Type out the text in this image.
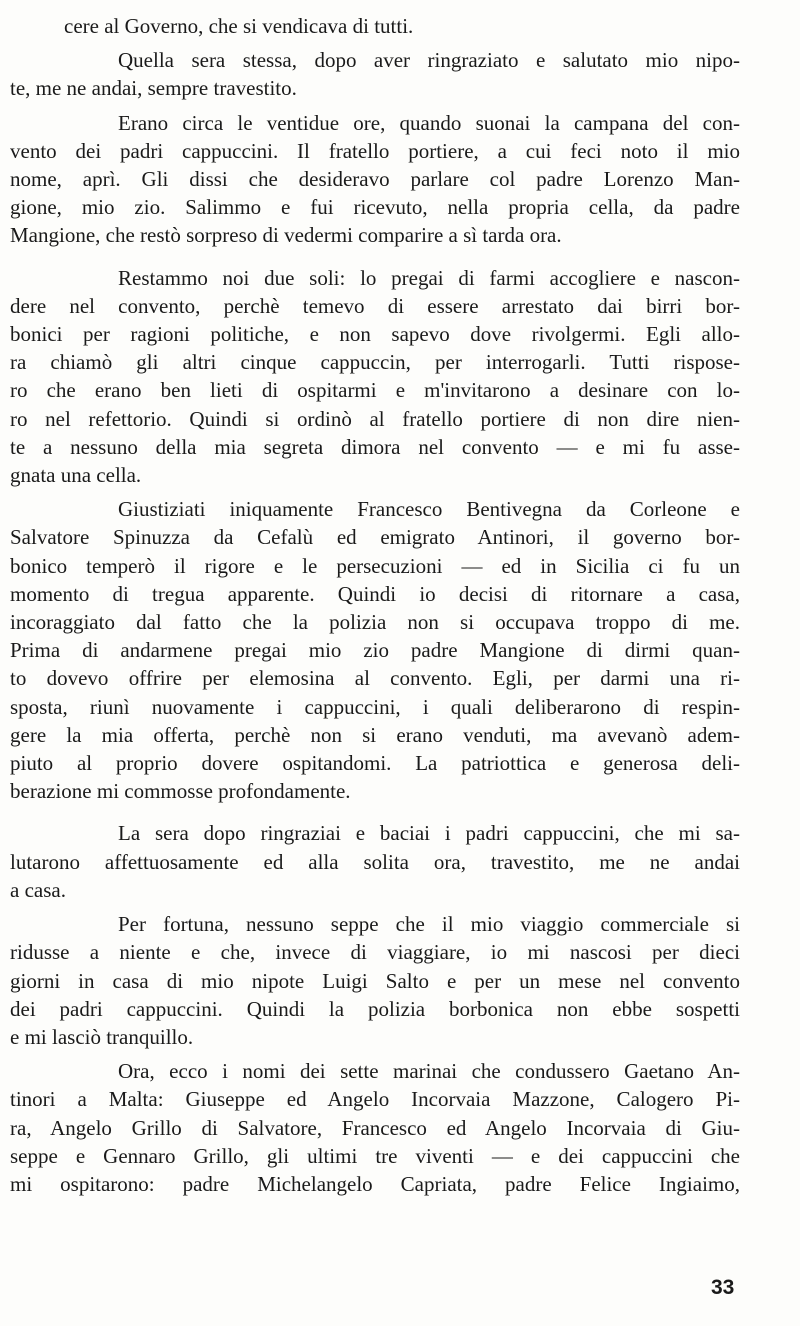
cere al Governo, che si vendicava di tutti.

Quella sera stessa, dopo aver ringraziato e salutato mio nipo-
te, me ne andai, sempre travestito.

Erano circa le ventidue ore, quando suonai la campana del con-
vento dei padri cappuccini. Il fratello portiere, a cui feci noto il mio
nome, aprì. Gli dissi che desideravo parlare col padre Lorenzo Man-
gione, mio zio. Salimmo e fui ricevuto, nella propria cella, da padre
Mangione, che restò sorpreso di vedermi comparire a sì tarda ora.

Restammo noi due soli: lo pregai di farmi accogliere e nascon-
dere nel convento, perchè temevo di essere arrestato dai birri bor-
bonici per ragioni politiche, e non sapevo dove rivolgermi. Egli allo-
ra chiamò gli altri cinque cappuccin, per interrogarli. Tutti rispose-
ro che erano ben lieti di ospitarmi e m'invitarono a desinare con lo-
ro nel refettorio. Quindi si ordinò al fratello portiere di non dire nien-
te a nessuno della mia segreta dimora nel convento — e mi fu asse-
gnata una cella.

Giustiziati iniquamente Francesco Bentivegna da Corleone e
Salvatore Spinuzza da Cefalù ed emigrato Antinori, il governo bor-
bonico temperò il rigore e le persecuzioni — ed in Sicilia ci fu un
momento di tregua apparente. Quindi io decisi di ritornare a casa,
incoraggiato dal fatto che la polizia non si occupava troppo di me.
Prima di andarmene pregai mio zio padre Mangione di dirmi quan-
to dovevo offrire per elemosina al convento. Egli, per darmi una ri-
sposta, riunì nuovamente i cappuccini, i quali deliberarono di respin-
gere la mia offerta, perchè non si erano venduti, ma avevanò adem-
piuto al proprio dovere ospitandomi. La patriottica e generosa deli-
berazione mi commosse profondamente.

La sera dopo ringraziai e baciai i padri cappuccini, che mi sa-
lutarono affettuosamente ed alla solita ora, travestito, me ne andai
a casa.

Per fortuna, nessuno seppe che il mio viaggio commerciale si
ridusse a niente e che, invece di viaggiare, io mi nascosi per dieci
giorni in casa di mio nipote Luigi Salto e per un mese nel convento
dei padri cappuccini. Quindi la polizia borbonica non ebbe sospetti
e mi lasciò tranquillo.

Ora, ecco i nomi dei sette marinai che condussero Gaetano An-
tinori a Malta: Giuseppe ed Angelo Incorvaia Mazzone, Calogero Pi-
ra, Angelo Grillo di Salvatore, Francesco ed Angelo Incorvaia di Giu-
seppe e Gennaro Grillo, gli ultimi tre viventi — e dei cappuccini che
mi ospitarono: padre Michelangelo Capriata, padre Felice Ingiaimo,

33
